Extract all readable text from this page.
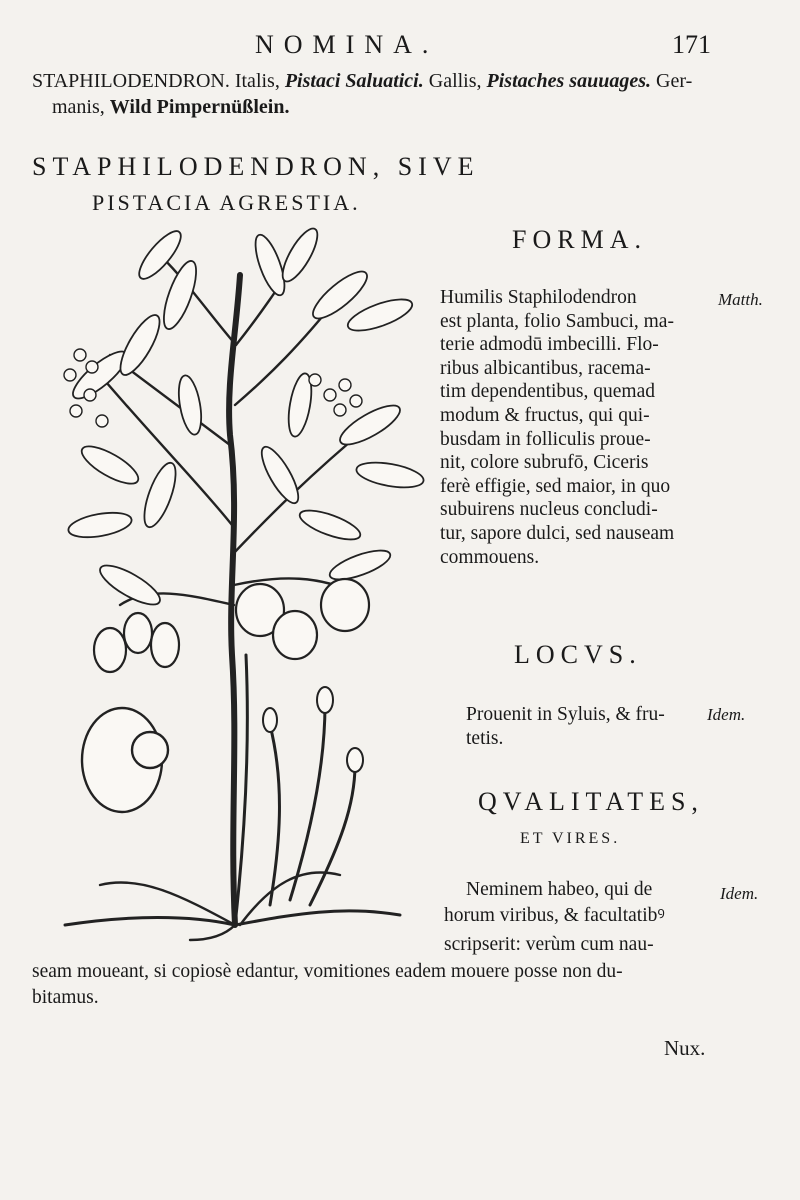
NOMINA.	171
STAPHILODENDRON. Italis, Pistaci Saluatici. Gallis, Pistaches sauuages. Ger-
manis, Wild Pimpernüßlein.
STAPHILODENDRON, SIVE
PISTACIA AGRESTIA.
FORMA.
Humilis Staphilodendron
est planta, folio Sambuci, ma-
terie admodū imbecilli. Flo-
ribus albicantibus, racema-
tim dependentibus, quemad
modum & fructus, qui qui-
busdam in folliculis proue-
nit, colore subrufō, Ciceris
ferè effigie, sed maior, in quo
subuirens nucleus concludi-
tur, sapore dulci, sed nauseam
commouens.
Matth.
LOCVS.
Prouenit in Syluis, & fru-
tetis.
Idem.
QVALITATES,
ET VIRES.
Neminem habeo, qui de
horum viribus, & facultatibꝰ
scripserit: verùm cum nau-
seam moueant, si copiosè edantur, vomitiones eadem mouere posse non du-
bitamus.
Idem.
Nux.
